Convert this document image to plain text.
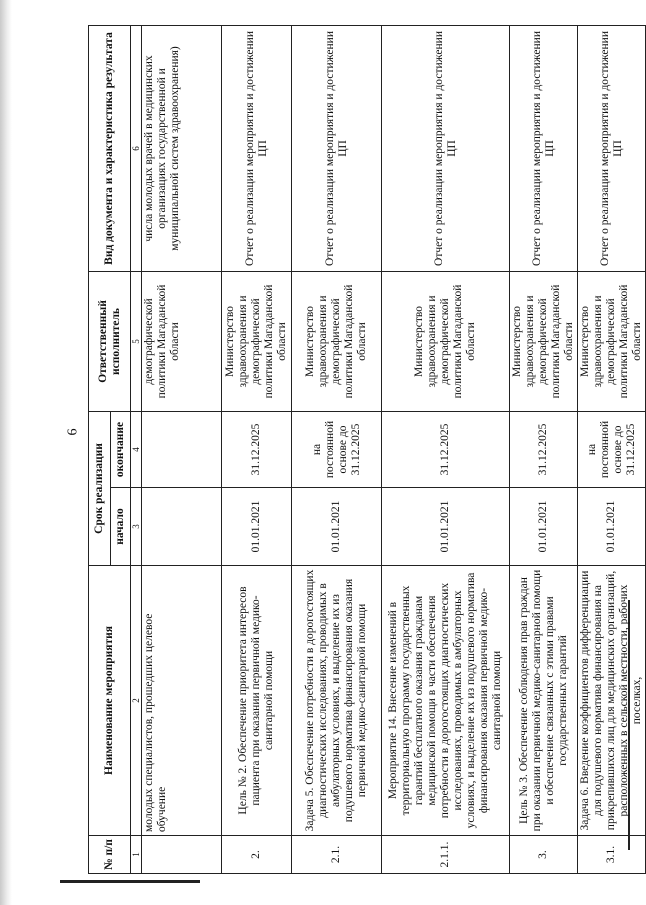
6
№ п/п	Наименование мероприятия	Срок реализации		Ответственный исполнитель	Вид документа и характеристика результата
		начало	окончание		
1	2	3	4	5	6
	молодых специалистов, прошедших целевое обучение			демографической политики Магаданской области	числа молодых врачей в медицинских организациях государственной и муниципальной систем здравоохранения)
2.	Цель № 2. Обеспечение приоритета интересов пациента при оказании первичной медико-санитарной помощи	01.01.2021	31.12.2025	Министерство здравоохранения и демографической политики Магаданской области	Отчет о реализации мероприятия и достижении ЦП
2.1.	Задача 5. Обеспечение потребности в дорогостоящих диагностических исследованиях, проводимых в амбулаторных условиях, и выделение их из подушевого норматива финансирования оказания первичной медико-санитарной помощи	01.01.2021	на постоянной основе до 31.12.2025	Министерство здравоохранения и демографической политики Магаданской области	Отчет о реализации мероприятия и достижении ЦП
2.1.1.	Мероприятие 14. Внесение изменений в территориальную программу государственных гарантий бесплатного оказания гражданам медицинской помощи в части обеспечения потребности в дорогостоящих диагностических исследованиях, проводимых в амбулаторных условиях, и выделение их из подушевого норматива финансирования оказания первичной медико-санитарной помощи	01.01.2021	31.12.2025	Министерство здравоохранения и демографической политики Магаданской области	Отчет о реализации мероприятия и достижении ЦП
3.	Цель № 3. Обеспечение соблюдения прав граждан при оказании первичной медико-санитарной помощи и обеспечение связанных с этими правами государственных гарантий	01.01.2021	31.12.2025	Министерство здравоохранения и демографической политики Магаданской области	Отчет о реализации мероприятия и достижении ЦП
3.1.	Задача 6. Введение коэффициентов дифференциации для подушевого норматива финансирования на прикрепившихся лиц для медицинских организаций, расположенных в сельской местности, рабочих поселках,	01.01.2021	на постоянной основе до 31.12.2025	Министерство здравоохранения и демографической политики Магаданской области	Отчет о реализации мероприятия и достижении ЦП
